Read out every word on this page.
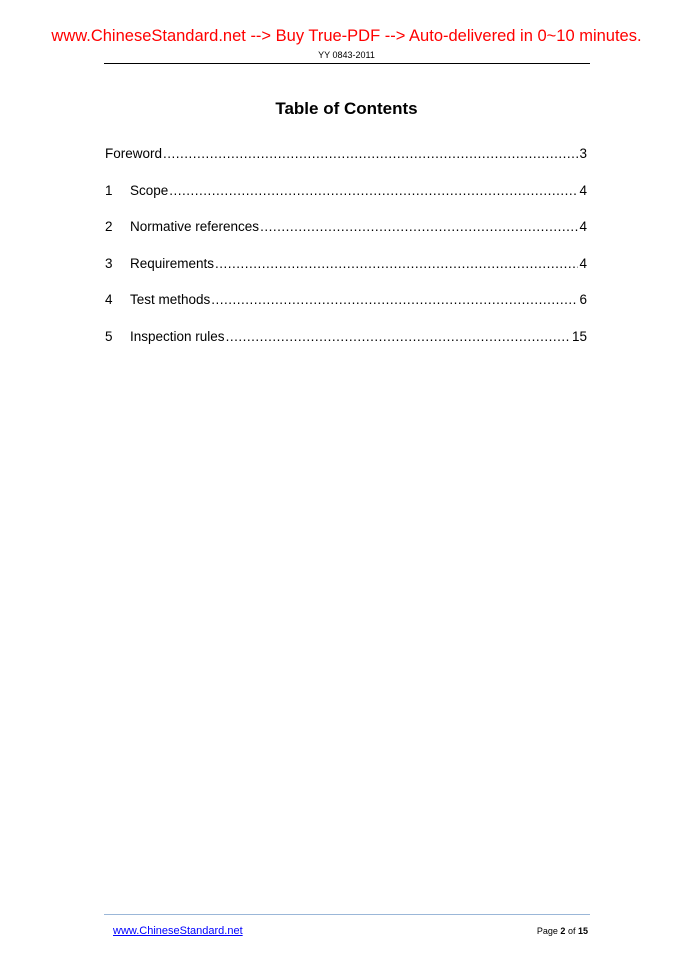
www.ChineseStandard.net --> Buy True-PDF --> Auto-delivered in 0~10 minutes.
YY 0843-2011
Table of Contents
Foreword .....	3
1	Scope .....	4
2	Normative references .....	4
3	Requirements .....	4
4	Test methods .....	6
5	Inspection rules .....	15
www.ChineseStandard.net	Page 2 of 15
